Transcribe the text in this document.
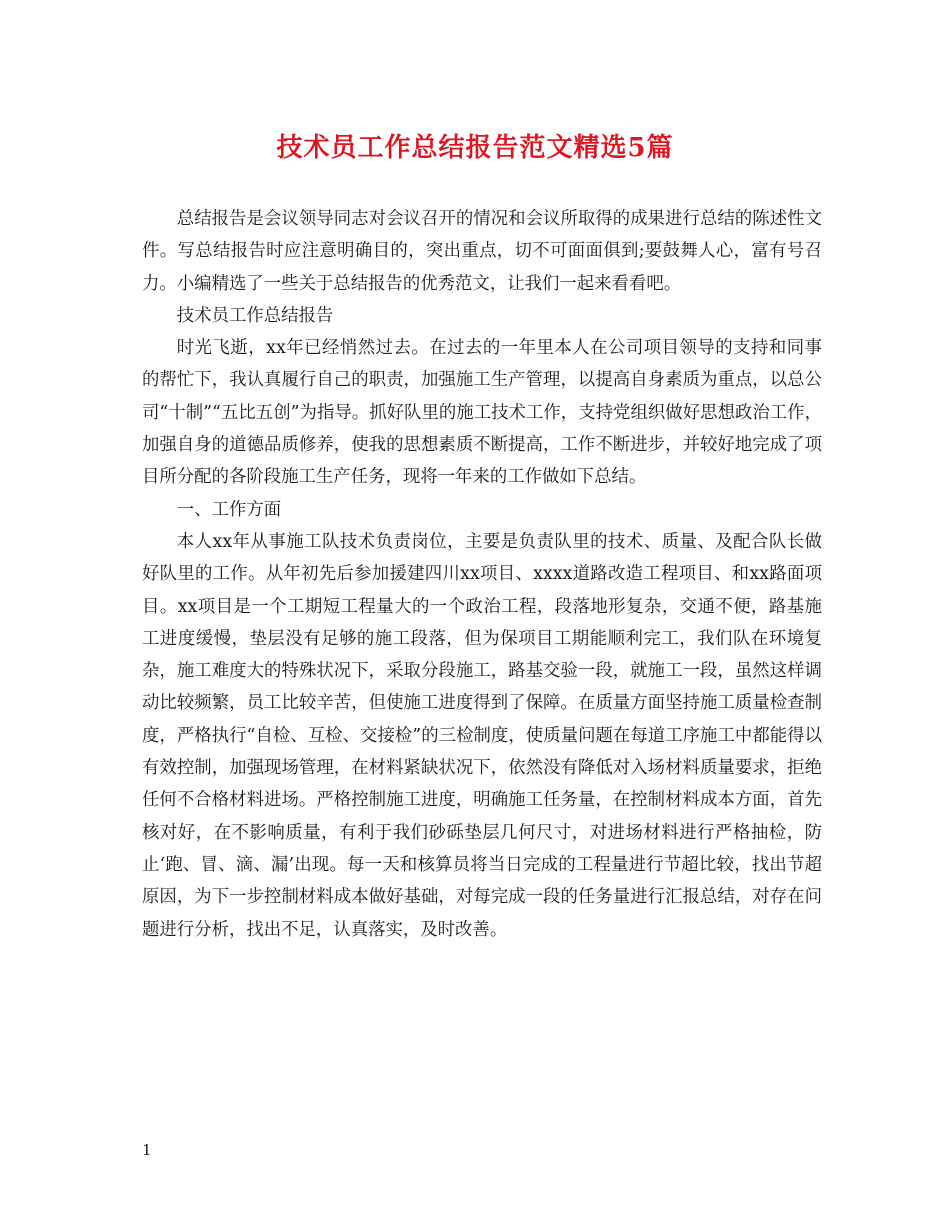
技术员工作总结报告范文精选5篇

总结报告是会议领导同志对会议召开的情况和会议所取得的成果进行总结的陈述性文件。写总结报告时应注意明确目的，突出重点，切不可面面俱到;要鼓舞人心，富有号召力。小编精选了一些关于总结报告的优秀范文，让我们一起来看看吧。

技术员工作总结报告

时光飞逝，xx年已经悄然过去。在过去的一年里本人在公司项目领导的支持和同事的帮忙下，我认真履行自己的职责，加强施工生产管理，以提高自身素质为重点，以总公司“十制”“五比五创”为指导。抓好队里的施工技术工作，支持党组织做好思想政治工作，加强自身的道德品质修养，使我的思想素质不断提高，工作不断进步，并较好地完成了项目所分配的各阶段施工生产任务，现将一年来的工作做如下总结。

一、工作方面

本人xx年从事施工队技术负责岗位，主要是负责队里的技术、质量、及配合队长做好队里的工作。从年初先后参加援建四川xx项目、xxxx道路改造工程项目、和xx路面项目。xx项目是一个工期短工程量大的一个政治工程，段落地形复杂，交通不便，路基施工进度缓慢，垫层没有足够的施工段落，但为保项目工期能顺利完工，我们队在环境复杂，施工难度大的特殊状况下，采取分段施工，路基交验一段，就施工一段，虽然这样调动比较频繁，员工比较辛苦，但使施工进度得到了保障。在质量方面坚持施工质量检查制度，严格执行“自检、互检、交接检”的三检制度，使质量问题在每道工序施工中都能得以有效控制，加强现场管理，在材料紧缺状况下，依然没有降低对入场材料质量要求，拒绝任何不合格材料进场。严格控制施工进度，明确施工任务量，在控制材料成本方面，首先核对好，在不影响质量，有利于我们砂砾垫层几何尺寸，对进场材料进行严格抽检，防止‘跑、冒、滴、漏’出现。每一天和核算员将当日完成的工程量进行节超比较，找出节超原因，为下一步控制材料成本做好基础，对每完成一段的任务量进行汇报总结，对存在问题进行分析，找出不足，认真落实，及时改善。

1
